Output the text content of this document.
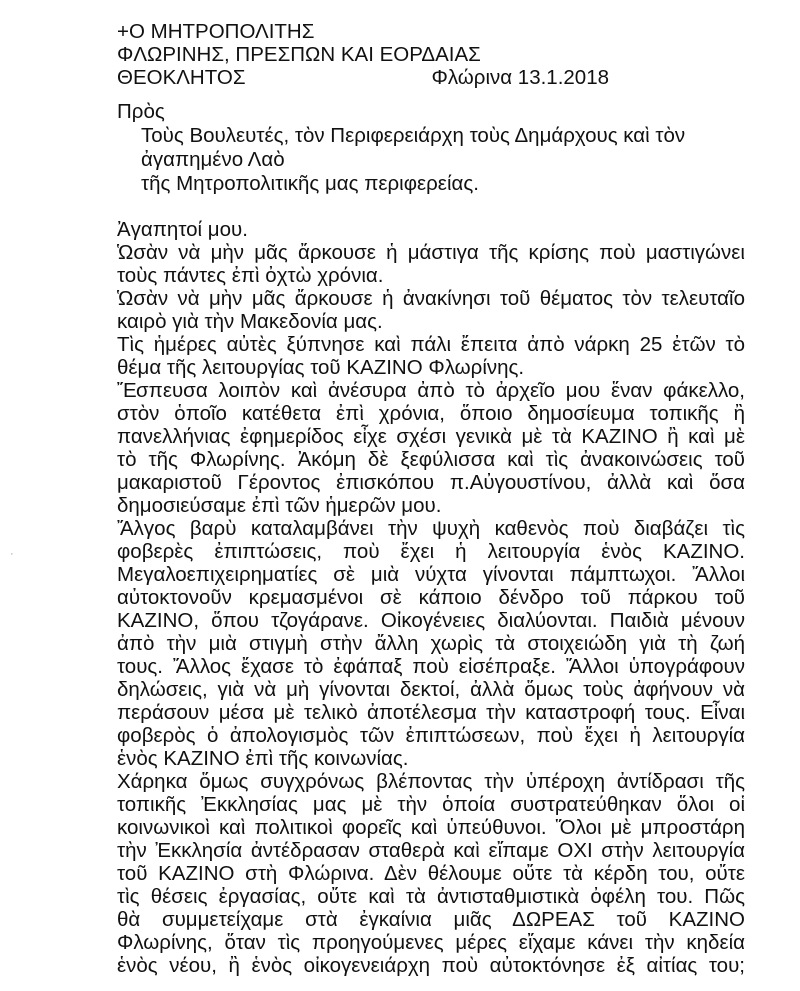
+Ο ΜΗΤΡΟΠΟΛΙΤΗΣ
ΦΛΩΡΙΝΗΣ, ΠΡΕΣΠΩΝ ΚΑΙ ΕΟΡΔΑΙΑΣ
ΘΕΟΚΛΗΤΟΣ	Φλώρινα 13.1.2018
Πρὸς
Τοὺς Βουλευτές, τὸν Περιφερειάρχη τοὺς Δημάρχους καὶ τὸν
ἀγαπημένο Λαὸ
τῆς Μητροπολιτικῆς μας περιφερείας.
Ἀγαπητοί μου.
Ὡσὰν νὰ μὴν μᾶς ἄρκουσε ἡ μάστιγα τῆς κρίσης ποὺ μαστιγώνει
τοὺς πάντες ἐπὶ ὀχτὼ χρόνια.
Ὡσὰν νὰ μὴν μᾶς ἄρκουσε ἡ ἀνακίνησι τοῦ θέματος τὸν τελευταῖο
καιρὸ γιὰ τὴν Μακεδονία μας.
Τὶς ἡμέρες αὐτὲς ξύπνησε καὶ πάλι ἔπειτα ἀπὸ νάρκη 25 ἐτῶν τὸ
θέμα τῆς λειτουργίας τοῦ ΚΑΖΙΝΟ Φλωρίνης.
Ἔσπευσα λοιπὸν καὶ ἀνέσυρα ἀπὸ τὸ ἀρχεῖο μου ἕναν φάκελλο,
στὸν ὁποῖο κατέθετα ἐπὶ χρόνια, ὅποιο δημοσίευμα τοπικῆς ἢ
πανελλήνιας ἐφημερίδος εἶχε σχέσι γενικὰ μὲ τὰ ΚΑΖΙΝΟ ἢ καὶ μὲ
τὸ τῆς Φλωρίνης. Ἀκόμη δὲ ξεφύλισσα καὶ τὶς ἀνακοινώσεις τοῦ
μακαριστοῦ Γέροντος ἐπισκόπου π.Αὐγουστίνου, ἀλλὰ καὶ ὅσα
δημοσιεύσαμε ἐπὶ τῶν ἡμερῶν μου.
Ἄλγος βαρὺ καταλαμβάνει τὴν ψυχὴ καθενὸς ποὺ διαβάζει τὶς
φοβερὲς ἐπιπτώσεις, ποὺ ἔχει ἡ λειτουργία ἑνὸς ΚΑΖΙΝΟ.
Μεγαλοεπιχειρηματίες σὲ μιὰ νύχτα γίνονται πάμπτωχοι. Ἄλλοι
αὐτοκτονοῦν κρεμασμένοι σὲ κάποιο δένδρο τοῦ πάρκου τοῦ
ΚΑΖΙΝΟ, ὅπου τζογάρανε. Οἰκογένειες διαλύονται. Παιδιὰ μένουν
ἀπὸ τὴν μιὰ στιγμὴ στὴν ἄλλη χωρὶς τὰ στοιχειώδη γιὰ τὴ ζωή
τους. Ἄλλος ἔχασε τὸ ἐφάπαξ ποὺ εἰσέπραξε. Ἄλλοι ὑπογράφουν
δηλώσεις, γιὰ νὰ μὴ γίνονται δεκτοί, ἀλλὰ ὅμως τοὺς ἀφήνουν νὰ
περάσουν μέσα μὲ τελικὸ ἀποτέλεσμα τὴν καταστροφή τους. Εἶναι
φοβερὸς ὁ ἀπολογισμὸς τῶν ἐπιπτώσεων, ποὺ ἔχει ἡ λειτουργία
ἑνὸς ΚΑΖΙΝΟ ἐπὶ τῆς κοινωνίας.
Χάρηκα ὅμως συγχρόνως βλέποντας τὴν ὑπέροχη ἀντίδρασι τῆς
τοπικῆς Ἐκκλησίας μας μὲ τὴν ὁποία συστρατεύθηκαν ὅλοι οἱ
κοινωνικοὶ καὶ πολιτικοὶ φορεῖς καὶ ὑπεύθυνοι. Ὅλοι μὲ μπροστάρη
τὴν Ἐκκλησία ἀντέδρασαν σταθερὰ καὶ εἴπαμε ΟΧΙ στὴν λειτουργία
τοῦ ΚΑΖΙΝΟ στὴ Φλώρινα. Δὲν θέλουμε οὔτε τὰ κέρδη του, οὔτε
τὶς θέσεις ἐργασίας, οὔτε καὶ τὰ ἀντισταθμιστικὰ ὀφέλη του. Πῶς
θὰ συμμετείχαμε στὰ ἐγκαίνια μιᾶς ΔΩΡΕΑΣ τοῦ ΚΑΖΙΝΟ
Φλωρίνης, ὅταν τὶς προηγούμενες μέρες εἴχαμε κάνει τὴν κηδεία
ἑνὸς νέου, ἢ ἑνὸς οἰκογενειάρχη ποὺ αὐτοκτόνησε ἐξ αἰτίας του;
·
